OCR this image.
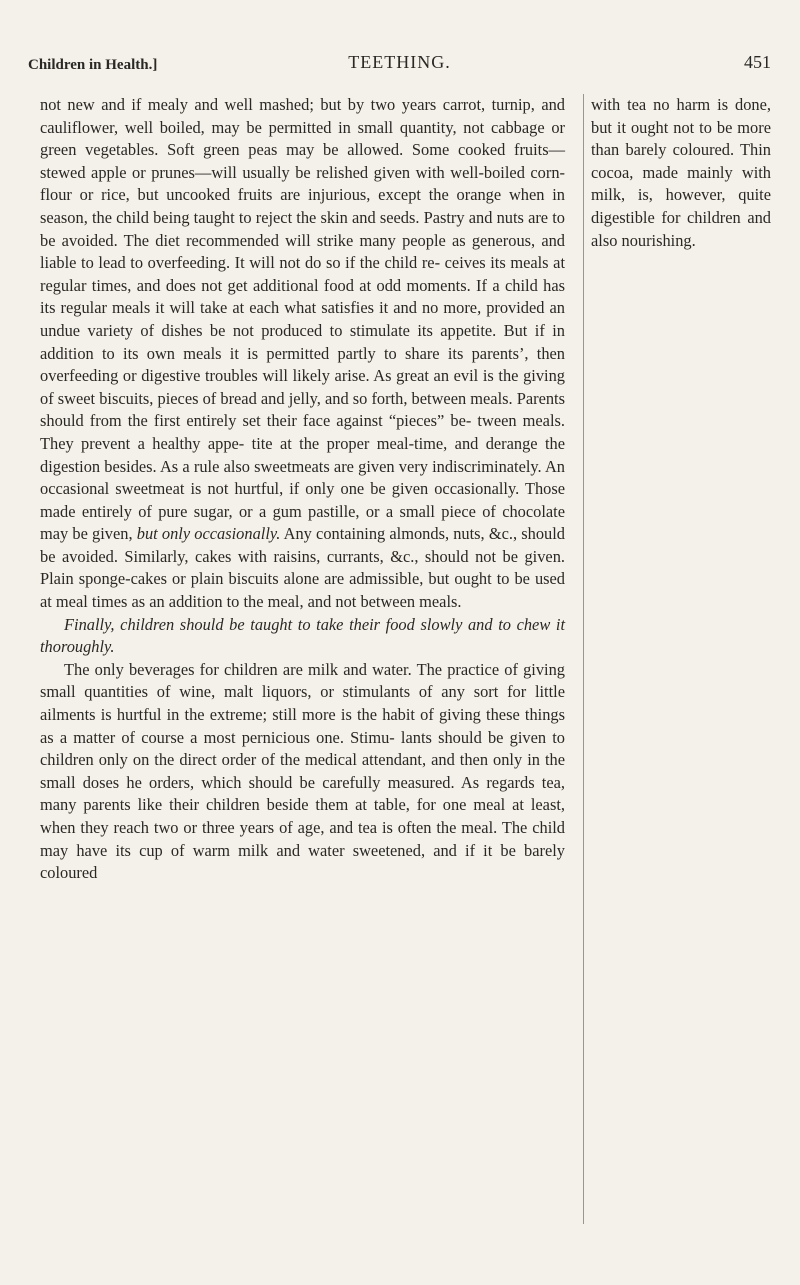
Children in Health.]	TEETHING.	451

not new and if mealy and well mashed; but by two years carrot, turnip, and cauliflower, well boiled, may be permitted in small quantity, not cabbage or green vegetables. Soft green peas may be allowed. Some cooked fruits— stewed apple or prunes—will usually be relished given with well-boiled corn-flour or rice, but uncooked fruits are injurious, except the orange when in season, the child being taught to reject the skin and seeds. Pastry and nuts are to be avoided. The diet recommended will strike many people as generous, and liable to lead to overfeeding. It will not do so if the child re- ceives its meals at regular times, and does not get additional food at odd moments. If a child has its regular meals it will take at each what satisfies it and no more, provided an undue variety of dishes be not produced to stimulate its appetite. But if in addition to its own meals it is permitted partly to share its parents’, then overfeeding or digestive troubles will likely arise. As great an evil is the giving of sweet biscuits, pieces of bread and jelly, and so forth, between meals. Parents should from the first entirely set their face against “pieces” be- tween meals. They prevent a healthy appe- tite at the proper meal-time, and derange the digestion besides. As a rule also sweetmeats are given very indiscriminately. An occasional sweetmeat is not hurtful, if only one be given occasionally. Those made entirely of pure sugar, or a gum pastille, or a small piece of chocolate may be given, but only occasionally. Any containing almonds, nuts, &c., should be avoided. Similarly, cakes with raisins, currants, &c., should not be given. Plain sponge-cakes or plain biscuits alone are admissible, but ought to be used at meal times as an addition to the meal, and not between meals.

Finally, children should be taught to take their food slowly and to chew it thoroughly.

The only beverages for children are milk and water. The practice of giving small quantities of wine, malt liquors, or stimulants of any sort for little ailments is hurtful in the extreme; still more is the habit of giving these things as a matter of course a most pernicious one. Stimu- lants should be given to children only on the direct order of the medical attendant, and then only in the small doses he orders, which should be carefully measured. As regards tea, many parents like their children beside them at table, for one meal at least, when they reach two or three years of age, and tea is often the meal. The child may have its cup of warm milk and water sweetened, and if it be barely coloured

with tea no harm is done, but it ought not to be more than barely coloured. Thin cocoa, made mainly with milk, is, however, quite digestible for children and also nourishing.
